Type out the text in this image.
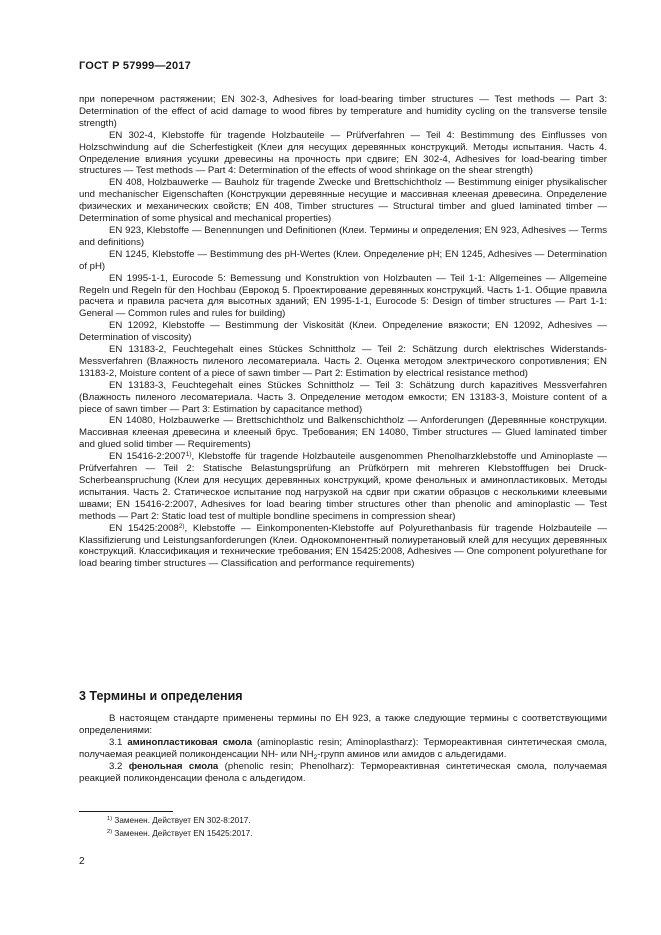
ГОСТ Р 57999—2017

при поперечном растяжении; EN 302-3, Adhesives for load-bearing timber structures — Test methods — Part 3: Determination of the effect of acid damage to wood fibres by temperature and humidity cycling on the transverse tensile strength)

EN 302-4, Klebstoffe für tragende Holzbauteile — Prüfverfahren — Teil 4: Bestimmung des Einflusses von Holzschwindung auf die Scherfestigkeit (Клеи для несущих деревянных конструкций. Методы испытания. Часть 4. Определение влияния усушки древесины на прочность при сдвиге; EN 302-4, Adhesives for load-bearing timber structures — Test methods — Part 4: Determination of the effects of wood shrinkage on the shear strength)

EN 408, Holzbauwerke — Bauholz für tragende Zwecke und Brettschichtholz — Bestimmung einiger physikalischer und mechanischer Eigenschaften (Конструкции деревянные несущие и массивная клееная древесина. Определение физических и механических свойств; EN 408, Timber structures — Structural timber and glued laminated timber — Determination of some physical and mechanical properties)

EN 923, Klebstoffe — Benennungen und Definitionen (Клеи. Термины и определения; EN 923, Adhesives — Terms and definitions)

EN 1245, Klebstoffe — Bestimmung des pH-Wertes (Клеи. Определение pH; EN 1245, Adhesives — Determination of pH)

EN 1995-1-1, Eurocode 5: Bemessung und Konstruktion von Holzbauten — Teil 1-1: Allgemeines — Allgemeine Regeln und Regeln für den Hochbau (Еврокод 5. Проектирование деревянных конструкций. Часть 1-1. Общие правила расчета и правила расчета для высотных зданий; EN 1995-1-1, Eurocode 5: Design of timber structures — Part 1-1: General — Common rules and rules for building)

EN 12092, Klebstoffe — Bestimmung der Viskosität (Клеи. Определение вязкости; EN 12092, Adhesives — Determination of viscosity)

EN 13183-2, Feuchtegehalt eines Stückes Schnittholz — Teil 2: Schätzung durch elektrisches Widerstands-Messverfahren (Влажность пиленого лесоматериала. Часть 2. Оценка методом электрического сопротивления; EN 13183-2, Moisture content of a piece of sawn timber — Part 2: Estimation by electrical resistance method)

EN 13183-3, Feuchtegehalt eines Stückes Schnittholz — Teil 3: Schätzung durch kapazitives Messverfahren (Влажность пиленого лесоматериала. Часть 3. Определение методом емкости; EN 13183-3, Moisture content of a piece of sawn timber — Part 3: Estimation by capacitance method)

EN 14080, Holzbauwerke — Brettschichtholz und Balkenschichtholz — Anforderungen (Деревянные конструкции. Массивная клееная древесина и клееный брус. Требования; EN 14080, Timber structures — Glued laminated timber and glued solid timber — Requirements)

EN 15416-2:2007$^{1)}$, Klebstoffe für tragende Holzbauteile ausgenommen Phenolharzklebstoffe und Aminoplaste — Prüfverfahren — Teil 2: Statische Belastungsprüfung an Prüfkörpern mit mehreren Klebstofffugen bei Druck-Scherbeanspruchung (Клеи для несущих деревянных конструкций, кроме фенольных и аминопластиковых. Методы испытания. Часть 2. Статическое испытание под нагрузкой на сдвиг при сжатии образцов с несколькими клеевыми швами; EN 15416-2:2007, Adhesives for load bearing timber structures other than phenolic and aminoplastic — Test methods — Part 2: Static load test of multiple bondline specimens in compression shear)

EN 15425:2008$^{2)}$, Klebstoffe — Einkomponenten-Klebstoffe auf Polyurethanbasis für tragende Holzbauteile — Klassifizierung und Leistungsanforderungen (Клеи. Однокомпонентный полиуретановый клей для несущих деревянных конструкций. Классификация и технические требования; EN 15425:2008, Adhesives — One component polyurethane for load bearing timber structures — Classification and performance requirements)

3 Термины и определения

В настоящем стандарте применены термины по ЕН 923, а также следующие термины с соответствующими определениями:

3.1 аминопластиковая смола (aminoplastic resin; Aminoplastharz): Термореактивная синтетическая смола, получаемая реакцией поликонденсации NH- или $NH_2$-групп аминов или амидов с альдегидами.

3.2 фенольная смола (phenolic resin; Phenolharz): Термореактивная синтетическая смола, получаемая реакцией поликонденсации фенола с альдегидом.

$^{1)}$ Заменен. Действует EN 302-8:2017.
$^{2)}$ Заменен. Действует EN 15425:2017.
2
